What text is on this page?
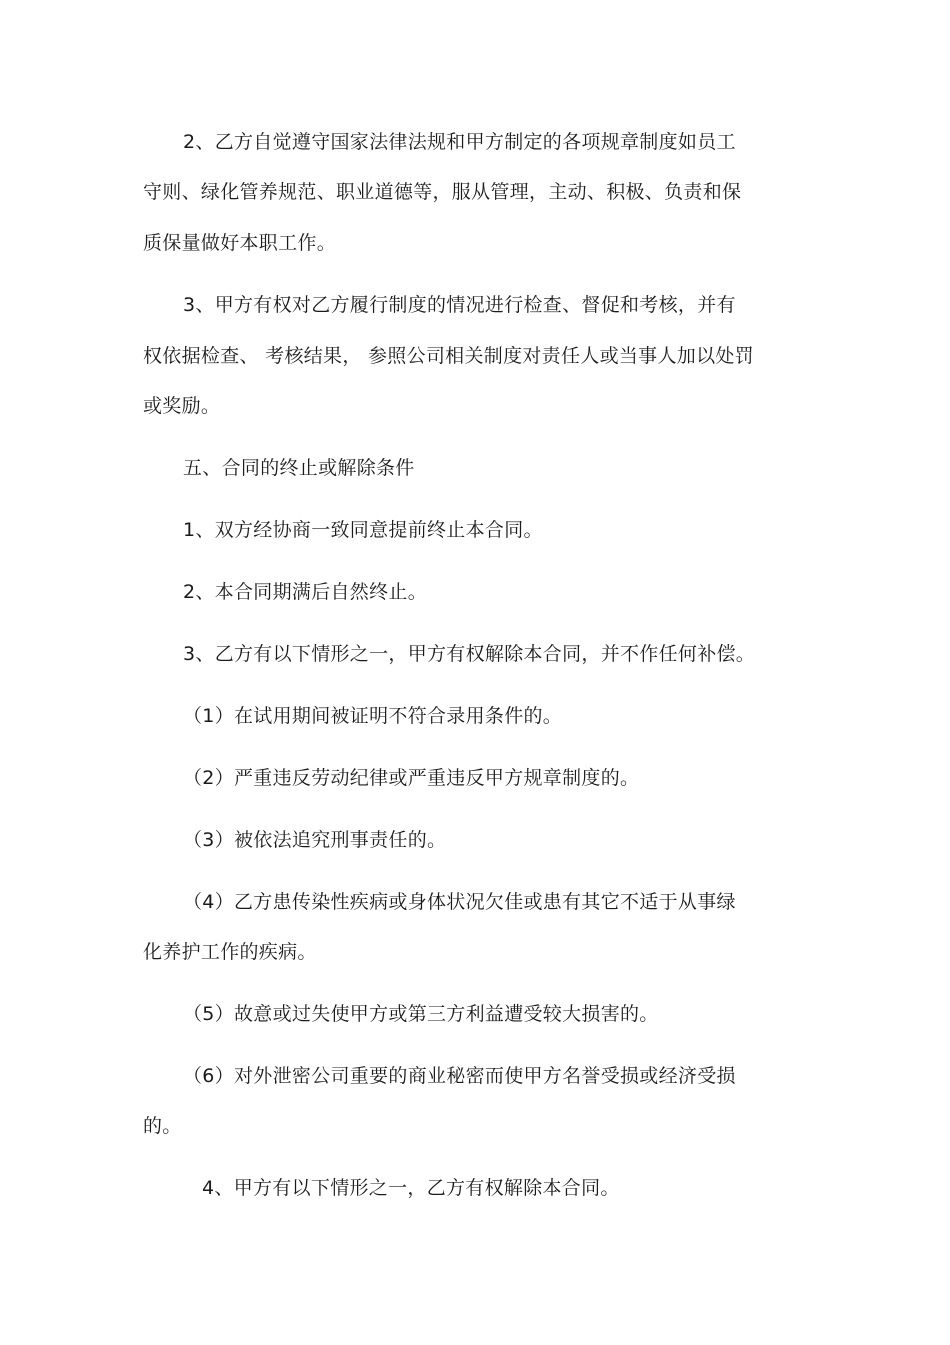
2、乙方自觉遵守国家法律法规和甲方制定的各项规章制度如员工
守则、绿化管养规范、职业道德等，服从管理，主动、积极、负责和保
质保量做好本职工作。
3、甲方有权对乙方履行制度的情况进行检查、督促和考核，并有
权依据检查、 考核结果， 参照公司相关制度对责任人或当事人加以处罚
或奖励。
五、合同的终止或解除条件
1、双方经协商一致同意提前终止本合同。
2、本合同期满后自然终止。
3、乙方有以下情形之一，甲方有权解除本合同，并不作任何补偿。
（1）在试用期间被证明不符合录用条件的。
（2）严重违反劳动纪律或严重违反甲方规章制度的。
（3）被依法追究刑事责任的。
（4）乙方患传染性疾病或身体状况欠佳或患有其它不适于从事绿
化养护工作的疾病。
（5）故意或过失使甲方或第三方利益遭受较大损害的。
（6）对外泄密公司重要的商业秘密而使甲方名誉受损或经济受损
的。
4、甲方有以下情形之一，乙方有权解除本合同。
